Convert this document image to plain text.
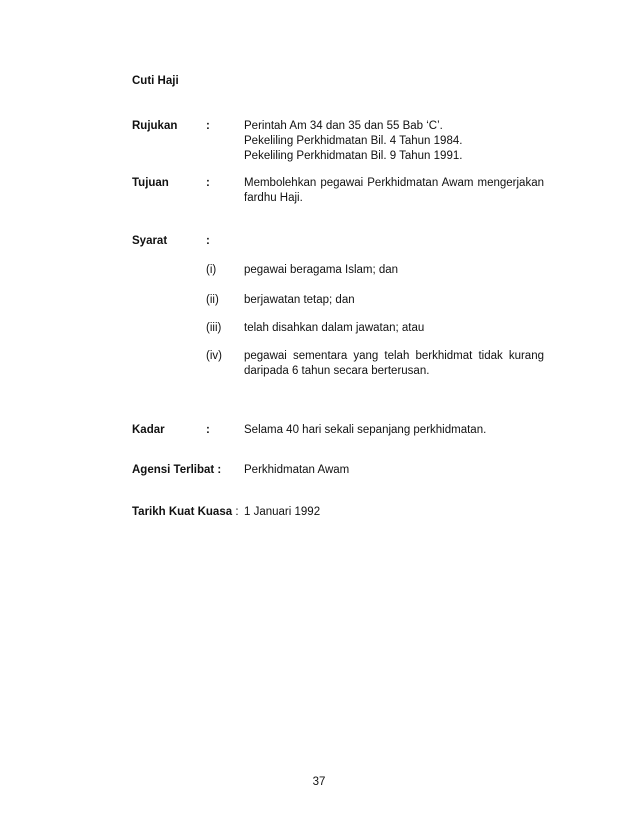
Cuti Haji
Rujukan :	Perintah Am 34 dan 35 dan 55 Bab ‘C’.
Pekeliling Perkhidmatan Bil. 4 Tahun 1984.
Pekeliling Perkhidmatan Bil. 9 Tahun 1991.
Tujuan	:	Membolehkan pegawai Perkhidmatan Awam mengerjakan fardhu Haji.
Syarat	:
(i) pegawai beragama Islam; dan
(ii) berjawatan tetap; dan
(iii) telah disahkan dalam jawatan; atau
(iv) pegawai sementara yang telah berkhidmat tidak kurang daripada 6 tahun secara berterusan.
Kadar	:	Selama 40 hari sekali sepanjang perkhidmatan.
Agensi Terlibat : Perkhidmatan Awam
Tarikh Kuat Kuasa : 1 Januari 1992
37
